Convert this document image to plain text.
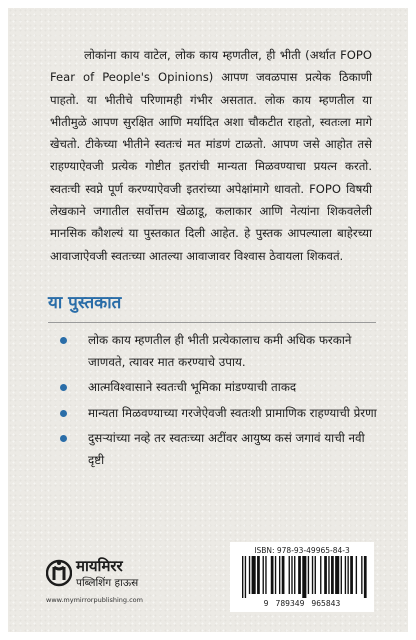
लोकांना काय वाटेल, लोक काय म्हणतील, ही भीती (अर्थात FOPO Fear of People's Opinions) आपण जवळपास प्रत्येक ठिकाणी पाहतो. या भीतीचे परिणामही गंभीर असतात. लोक काय म्हणतील या भीतीमुळे आपण सुरक्षित आणि मर्यादित अशा चौकटीत राहतो, स्वतःला मागे खेचतो. टीकेच्या भीतीने स्वतःचं मत मांडणं टाळतो. आपण जसे आहोत तसे राहण्याऐवजी प्रत्येक गोष्टीत इतरांची मान्यता मिळवण्याचा प्रयत्न करतो. स्वतःची स्वप्ने पूर्ण करण्याऐवजी इतरांच्या अपेक्षांमागे धावतो. FOPO विषयी लेखकाने जगातील सर्वोत्तम खेळाडू, कलाकार आणि नेत्यांना शिकवलेली मानसिक कौशल्यं या पुस्तकात दिली आहेत. हे पुस्तक आपल्याला बाहेरच्या आवाजाऐवजी स्वतःच्या आतल्या आवाजावर विश्वास ठेवायला शिकवतं.

या पुस्तकात
लोक काय म्हणतील ही भीती प्रत्येकालाच कमी अधिक फरकाने जाणवते, त्यावर मात करण्याचे उपाय.
आत्मविश्वासाने स्वतःची भूमिका मांडण्याची ताकद
मान्यता मिळवण्याच्या गरजेऐवजी स्वतःशी प्रामाणिक राहण्याची प्रेरणा
दुसऱ्यांच्या नव्हे तर स्वतःच्या अटींवर आयुष्य कसं जगावं याची नवी दृष्टी
मायमिरर
पब्लिशिंग हाऊस
www.mymirrorpublishing.com
ISBN: 978-93-49965-84-3
9 789349 965843
